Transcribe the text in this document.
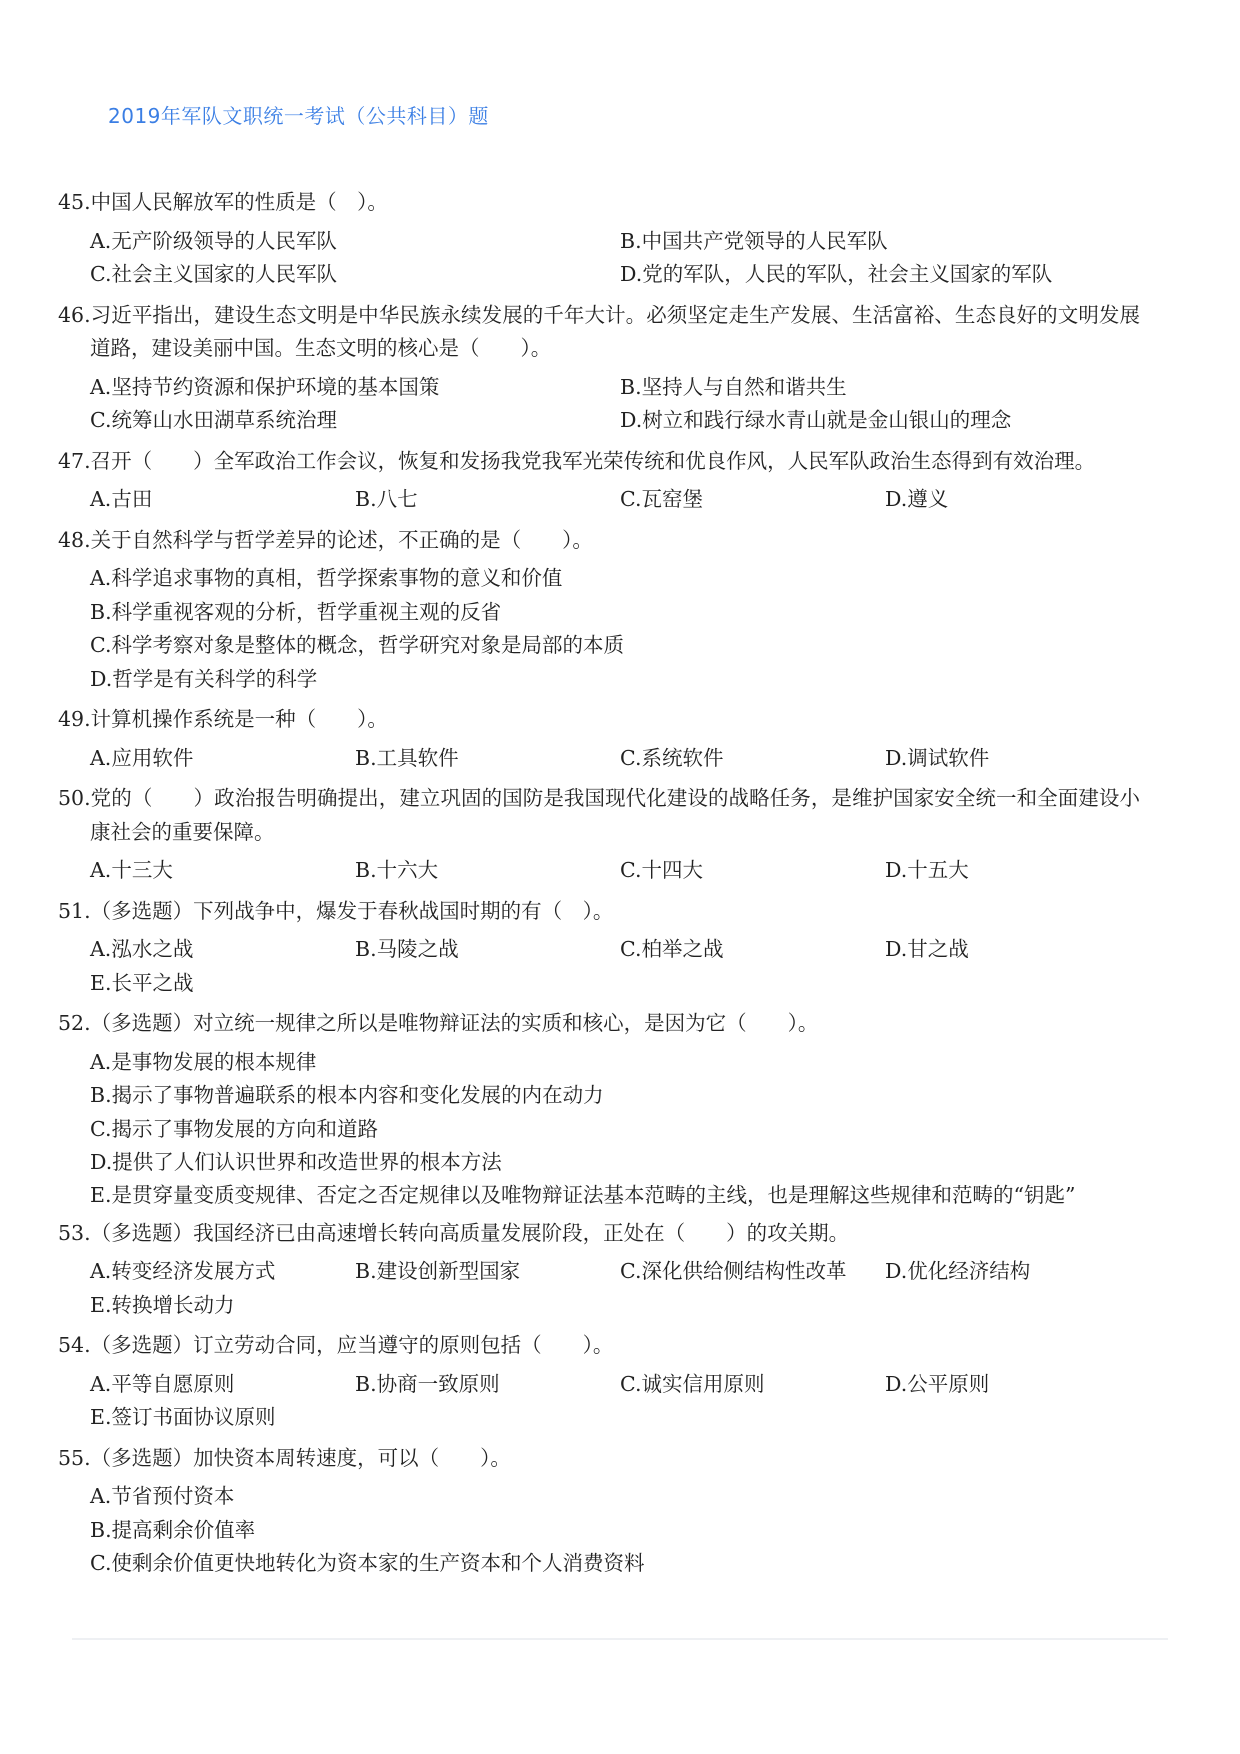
2019年军队文职统一考试（公共科目）题
45.中国人民解放军的性质是（　）。
A.无产阶级领导的人民军队	B.中国共产党领导的人民军队
C.社会主义国家的人民军队	D.党的军队，人民的军队，社会主义国家的军队
46.习近平指出，建设生态文明是中华民族永续发展的千年大计。必须坚定走生产发展、生活富裕、生态良好的文明发展道路，建设美丽中国。生态文明的核心是（　　）。
A.坚持节约资源和保护环境的基本国策	B.坚持人与自然和谐共生
C.统筹山水田湖草系统治理	D.树立和践行绿水青山就是金山银山的理念
47.召开（　　）全军政治工作会议，恢复和发扬我党我军光荣传统和优良作风，人民军队政治生态得到有效治理。
A.古田	B.八七	C.瓦窑堡	D.遵义
48.关于自然科学与哲学差异的论述，不正确的是（　　）。
A.科学追求事物的真相，哲学探索事物的意义和价值
B.科学重视客观的分析，哲学重视主观的反省
C.科学考察对象是整体的概念，哲学研究对象是局部的本质
D.哲学是有关科学的科学
49.计算机操作系统是一种（　　）。
A.应用软件	B.工具软件	C.系统软件	D.调试软件
50.党的（　　）政治报告明确提出，建立巩固的国防是我国现代化建设的战略任务，是维护国家安全统一和全面建设小康社会的重要保障。
A.十三大	B.十六大	C.十四大	D.十五大
51.（多选题）下列战争中，爆发于春秋战国时期的有（　）。
A.泓水之战	B.马陵之战	C.柏举之战	D.甘之战
E.长平之战
52.（多选题）对立统一规律之所以是唯物辩证法的实质和核心，是因为它（　　）。
A.是事物发展的根本规律
B.揭示了事物普遍联系的根本内容和变化发展的内在动力
C.揭示了事物发展的方向和道路
D.提供了人们认识世界和改造世界的根本方法
E.是贯穿量变质变规律、否定之否定规律以及唯物辩证法基本范畴的主线，也是理解这些规律和范畴的“钥匙”
53.（多选题）我国经济已由高速增长转向高质量发展阶段，正处在（　　）的攻关期。
A.转变经济发展方式	B.建设创新型国家	C.深化供给侧结构性改革	D.优化经济结构
E.转换增长动力
54.（多选题）订立劳动合同，应当遵守的原则包括（　　）。
A.平等自愿原则	B.协商一致原则	C.诚实信用原则	D.公平原则
E.签订书面协议原则
55.（多选题）加快资本周转速度，可以（　　）。
A.节省预付资本
B.提高剩余价值率
C.使剩余价值更快地转化为资本家的生产资本和个人消费资料
